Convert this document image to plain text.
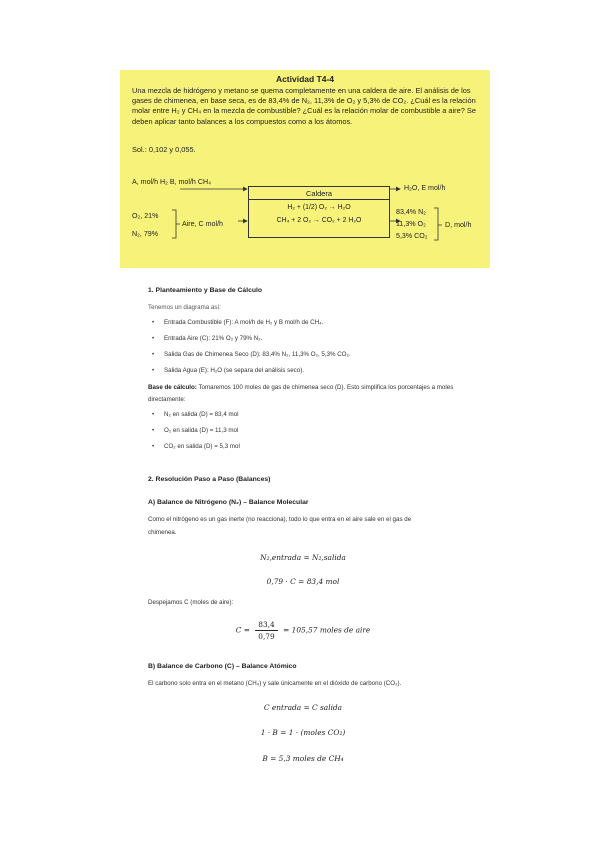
Actividad T4-4
Una mezcla de hidrógeno y metano se quema completamente en una caldera de aire. El análisis de los gases de chimenea, en base seca, es de 83,4% de N₂, 11,3% de O₂ y 5,3% de CO₂. ¿Cuál es la relación molar entre H₂ y CH₄ en la mezcla de combustible? ¿Cuál es la relación molar de combustible a aire? Se deben aplicar tanto balances a los compuestos como a los átomos.
Sol.: 0,102 y 0,055.
A, mol/h H₂ B, mol/h CH₄
O₂, 21%
N₂, 79%
Aire, C mol/h
Caldera
H₂ + (1/2) O₂ → H₂O
CH₄ + 2 O₂ → CO₂ + 2 H₂O
H₂O, E mol/h
83,4% N₂
11,3% O₂
5,3% CO₂
D, mol/h
1. Planteamiento y Base de Cálculo
Tenemos un diagrama así:
• Entrada Combustible (F): A mol/h de H₂ y B mol/h de CH₄.
• Entrada Aire (C): 21% O₂ y 79% N₂.
• Salida Gas de Chimenea Seco (D): 83,4% N₂, 11,3% O₂, 5,3% CO₂.
• Salida Agua (E): H₂O (se separa del análisis seco).
Base de cálculo: Tomaremos 100 moles de gas de chimenea seco (D). Esto simplifica los porcentajes a moles directamente:
• N₂ en salida (D) = 83,4 mol
• O₂ en salida (D) = 11,3 mol
• CO₂ en salida (D) = 5,3 mol
2. Resolución Paso a Paso (Balances)
A) Balance de Nitrógeno (N₂) – Balance Molecular
Como el nitrógeno es un gas inerte (no reacciona), todo lo que entra en el aire sale en el gas de
chimenea.
N₂,entrada = N₂,salida
0,79 · C = 83,4 mol
Despejamos C (moles de aire):
$C = \frac{83,4}{0,79} = 105,57$ moles de aire
B) Balance de Carbono (C) – Balance Atómico
El carbono solo entra en el metano (CH₄) y sale únicamente en el dióxido de carbono (CO₂).
C entrada = C salida
1 · B = 1 · (moles CO₂)
B = 5,3 moles de CH₄
